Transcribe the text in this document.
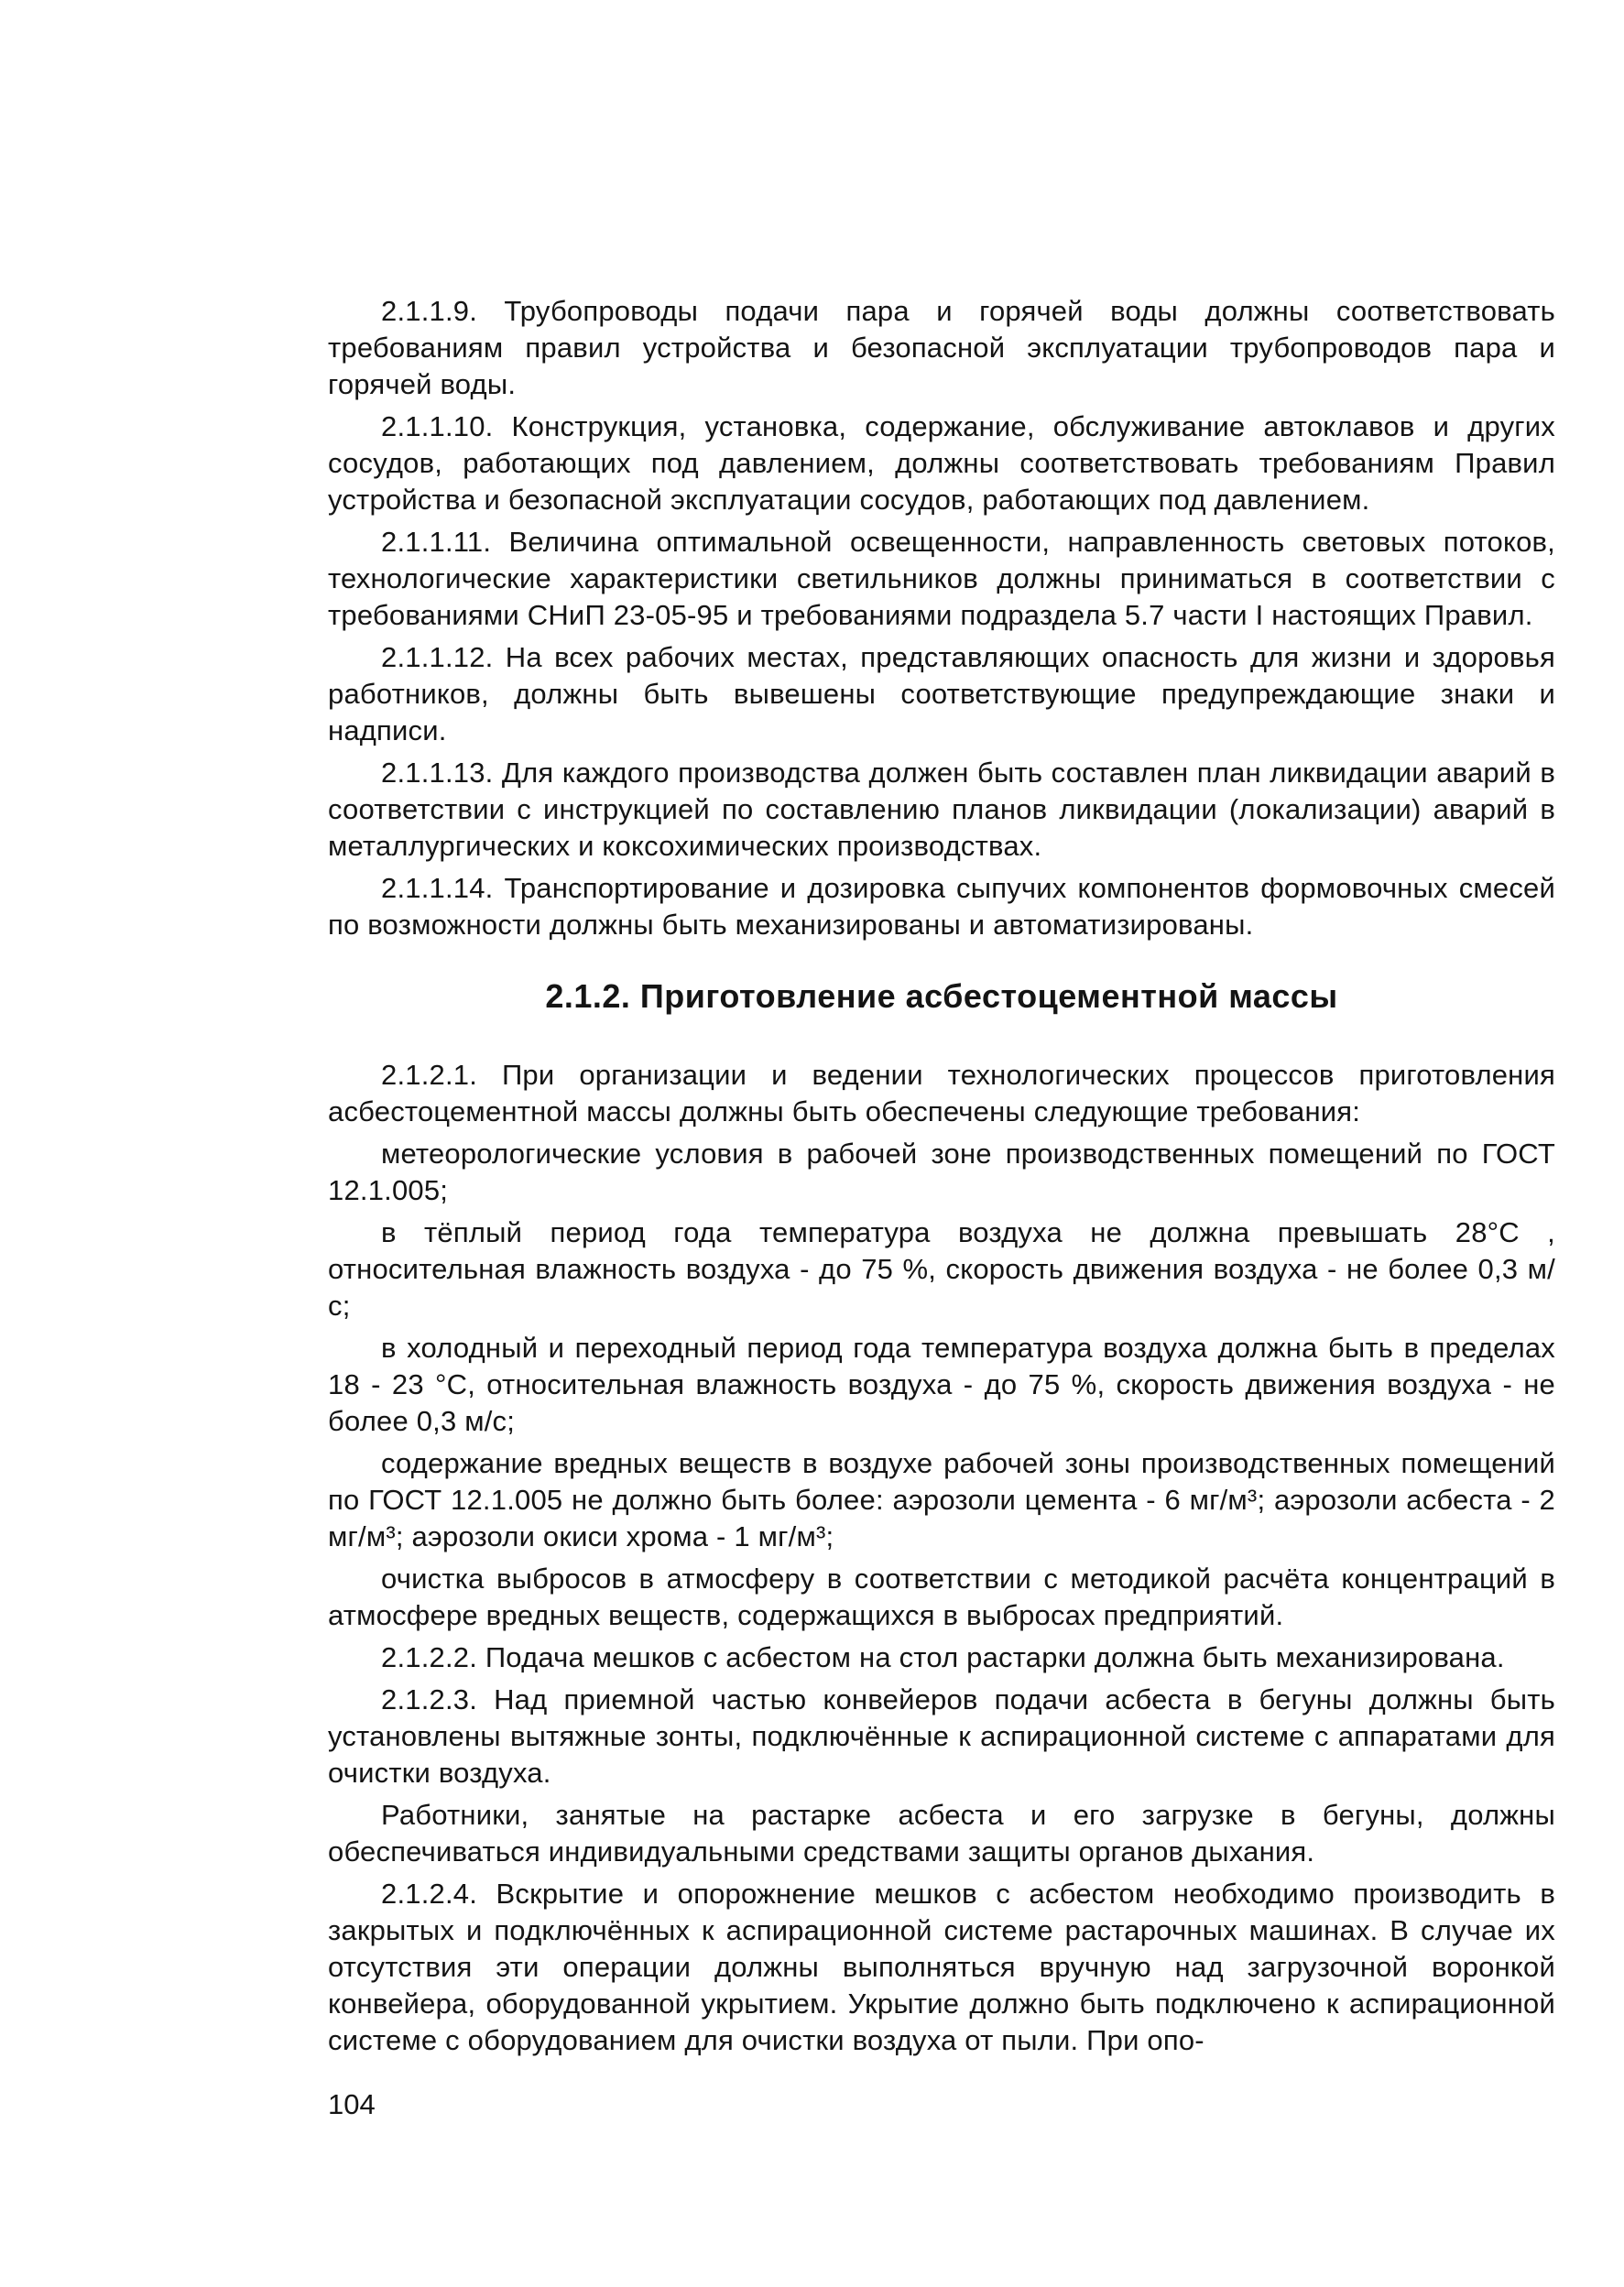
2.1.1.9. Трубопроводы подачи пара и горячей воды должны соответствовать требованиям правил устройства и безопасной эксплуатации трубопроводов пара и горячей воды.

2.1.1.10. Конструкция, установка, содержание, обслуживание автоклавов и других сосудов, работающих под давлением, должны соответствовать требованиям Правил устройства и безопасной эксплуатации сосудов, работающих под давлением.

2.1.1.11. Величина оптимальной освещенности, направленность световых потоков, технологические характеристики светильников должны приниматься в соответствии с требованиями СНиП 23-05-95 и требованиями подраздела 5.7 части I настоящих Правил.

2.1.1.12. На всех рабочих местах, представляющих опасность для жизни и здоровья работников, должны быть вывешены соответствующие предупреждающие знаки и надписи.

2.1.1.13. Для каждого производства должен быть составлен план ликвидации аварий в соответствии с инструкцией по составлению планов ликвидации (локализации) аварий в металлургических и коксохимических производствах.

2.1.1.14. Транспортирование и дозировка сыпучих компонентов формовочных смесей по возможности должны быть механизированы и автоматизированы.

2.1.2. Приготовление асбестоцементной массы

2.1.2.1. При организации и ведении технологических процессов приготовления асбестоцементной массы должны быть обеспечены следующие требования:

метеорологические условия в рабочей зоне производственных помещений по ГОСТ 12.1.005;

в тёплый период года температура воздуха не должна превышать 28°С , относительная влажность воздуха - до 75 %, скорость движения воздуха - не более 0,3 м/с;

в холодный и переходный период года температура воздуха должна быть в пределах 18 - 23 °С, относительная влажность воздуха - до 75 %, скорость движения воздуха - не более 0,3 м/с;

содержание вредных веществ в воздухе рабочей зоны производственных помещений по ГОСТ 12.1.005 не должно быть более: аэрозоли цемента - 6 мг/м³; аэрозоли асбеста - 2 мг/м³; аэрозоли окиси хрома - 1 мг/м³;

очистка выбросов в атмосферу в соответствии с методикой расчёта концентраций в атмосфере вредных веществ, содержащихся в выбросах предприятий.

2.1.2.2. Подача мешков с асбестом на стол растарки должна быть механизирована.

2.1.2.3. Над приемной частью конвейеров подачи асбеста в бегуны должны быть установлены вытяжные зонты, подключённые к аспирационной системе с аппаратами для очистки воздуха.

Работники, занятые на растарке асбеста и его загрузке в бегуны, должны обеспечиваться индивидуальными средствами защиты органов дыхания.

2.1.2.4. Вскрытие и опорожнение мешков с асбестом необходимо производить в закрытых и подключённых к аспирационной системе растарочных машинах. В случае их отсутствия эти операции должны выполняться вручную над загрузочной воронкой конвейера, оборудованной укрытием. Укрытие должно быть подключено к аспирационной системе с оборудованием для очистки воздуха от пыли. При опо-

104
